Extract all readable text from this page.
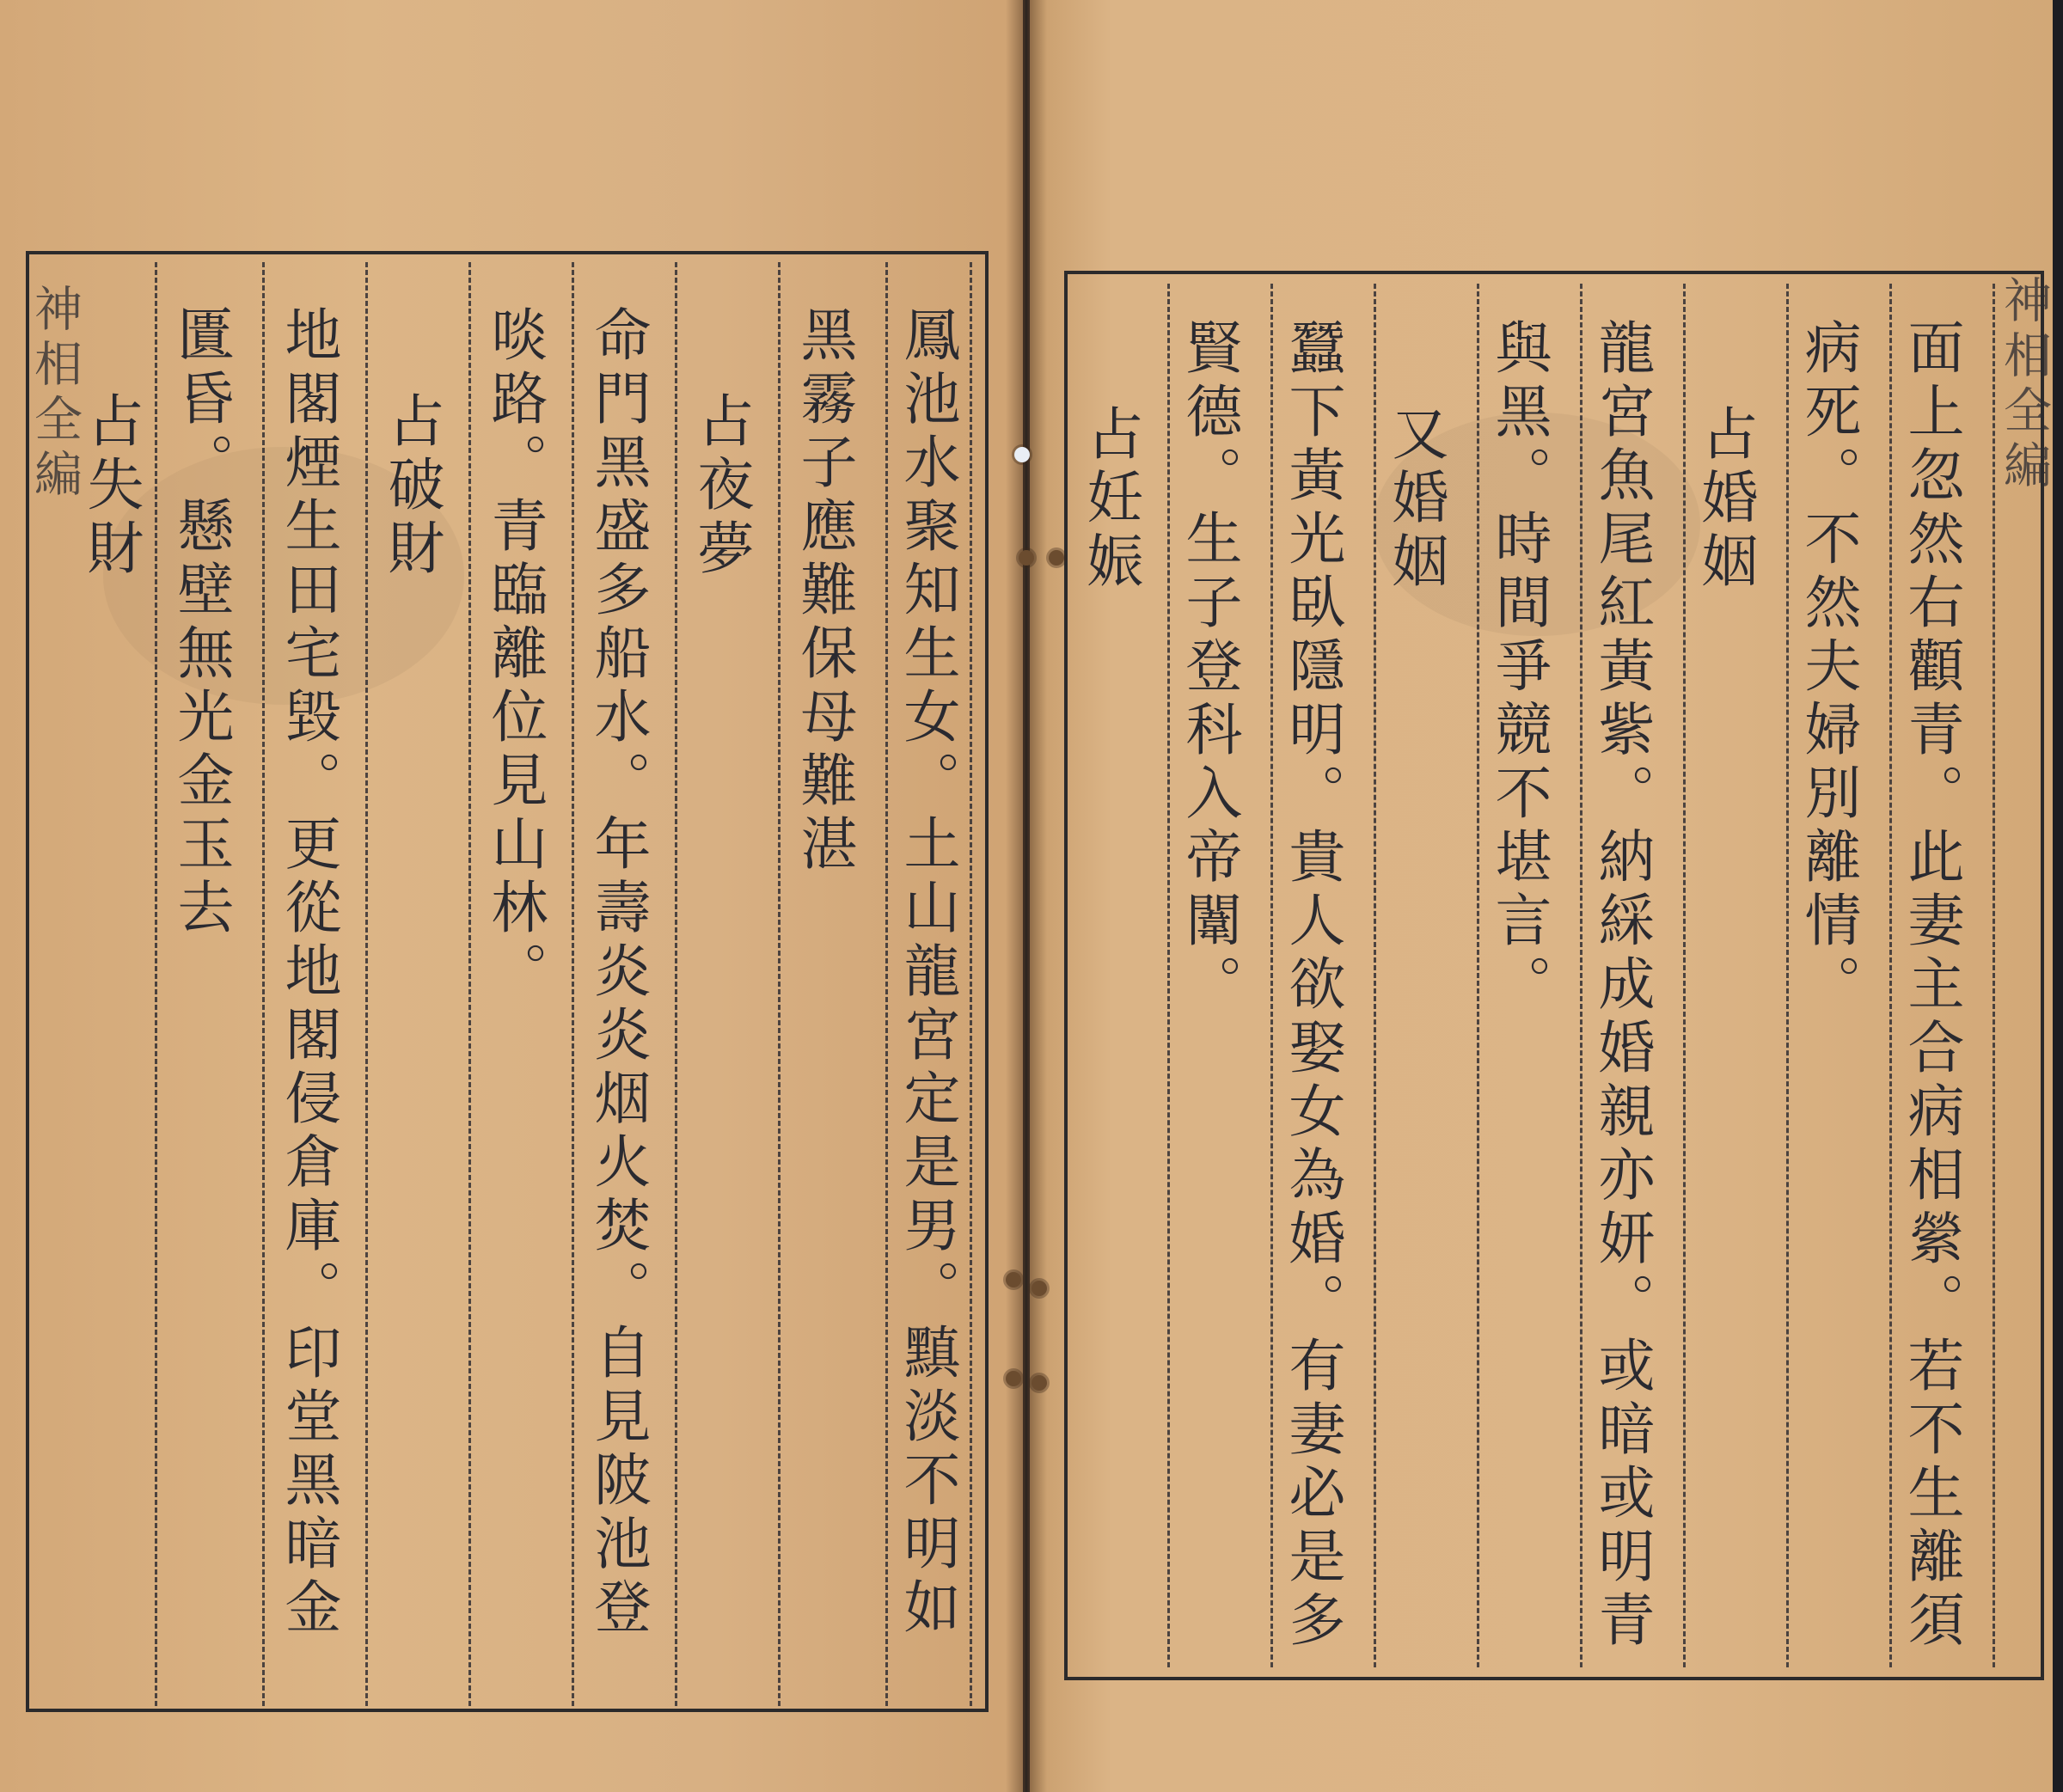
神相全編	鳳池水聚知生女。土山龍宮定是男。黰淡不明如
黑霧子應難保母難湛
占夜夢
命門黑盛多船水。年壽炎炎烟火焚。自見陂池登
啖路。青臨離位見山林。
占破財
地閣煙生田宅毀。更從地閣侵倉庫。印堂黑暗金
匱昏。懸壁無光金玉去
占失財	神相全編
面上忽然右顴青。此妻主合病相縈。若不生離須
病死。不然夫婦別離情。
占婚姻
龍宮魚尾紅黃紫。納綵成婚親亦妍。或暗或明青
與黑。時間爭競不堪言。
又婚姻
蠶下黃光臥隱明。貴人欲娶女為婚。有妻必是多
賢德。生子登科入帝闈。
占妊娠
